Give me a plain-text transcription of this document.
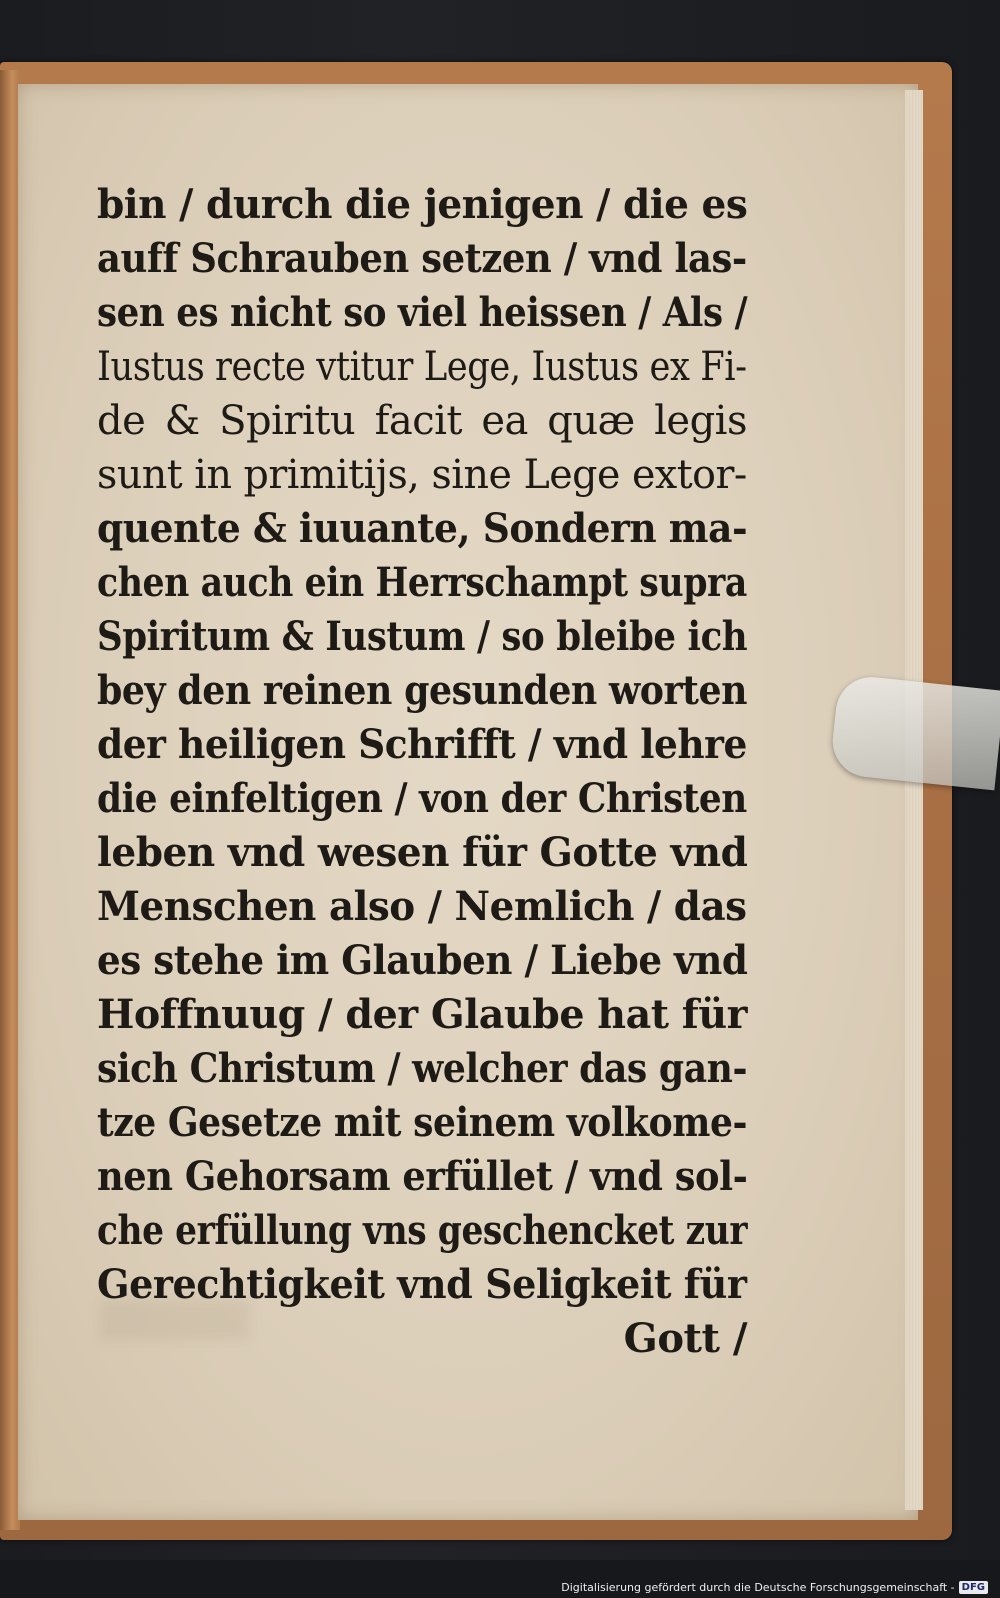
bin / durch die jenigen / die es
auff Schrauben setzen / vnd las-
sen es nicht so viel heissen / Als /
Iustus recte vtitur Lege, Iustus ex Fi-
de & Spiritu facit ea quæ legis
sunt in primitijs, sine Lege extor-
quente & iuuante, Sondern ma-
chen auch ein Herrschampt supra
Spiritum & Iustum / so bleibe ich
bey den reinen gesunden worten
der heiligen Schrifft / vnd lehre
die einfeltigen / von der Christen
leben vnd wesen für Gotte vnd
Menschen also / Nemlich / das
es stehe im Glauben / Liebe vnd
Hoffnuug / der Glaube hat für
sich Christum / welcher das gan-
tze Gesetze mit seinem volkome-
nen Gehorsam erfüllet / vnd sol-
che erfüllung vns geschencket zur
Gerechtigkeit vnd Seligkeit für
Gott /
Digitalisierung gefördert durch die Deutsche Forschungsgemeinschaft - DFG
